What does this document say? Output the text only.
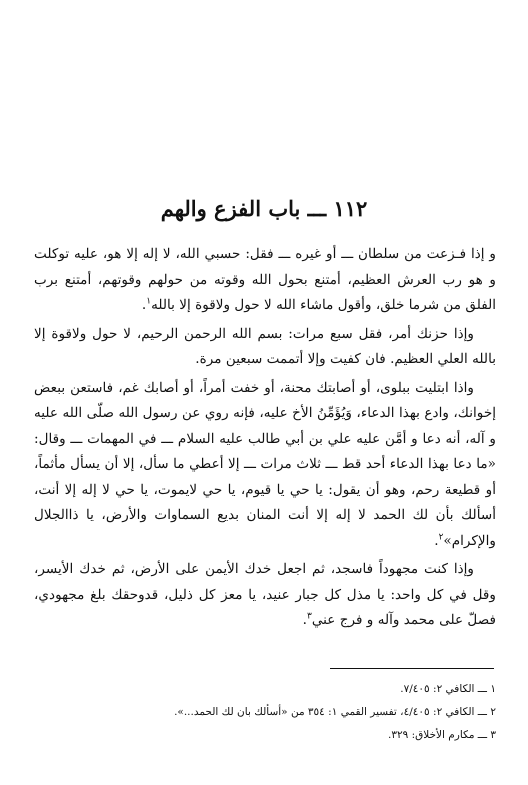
١١٢ ـــ باب الفزع والهم

و إذا فـزعت من سلطان ـــ أو غيره ـــ فقل: حسبي الله، لا إله إلا هو، عليه توكلت و هو رب العرش العظيم، أمتنع بحول الله وقوته من حولهم وقوتهم، أمتنع برب الفلق من شرما خلق، وأقول ماشاء الله لا حول ولاقوة إلا بالله$^١$.

وإذا حزنك أمر، فقل سبع مرات: بسم الله الرحمن الرحيم، لا حول ولاقوة إلا بالله العلي العظيم. فان كفيت وإلا أتممت سبعين مرة.

واذا ابتليت ببلوى، أو أصابتك محنة، أو خفت أمراً، أو أصابك غم، فاستعن ببعض إخوانك، وادع بهذا الدعاء، وَيُؤَمِّنُ الأخ عليه، فإنه روي عن رسول الله صلّى الله عليه و آله، أنه دعا و أمَّن عليه علي بن أبي طالب عليه السلام ـــ في المهمات ـــ وقال: «ما دعا بهذا الدعاء أحد قط ـــ ثلاث مرات ـــ إلا أعطي ما سأل، إلا أن يسأل مأثماً، أو قطيعة رحم، وهو أن يقول: يا حي يا قيوم، يا حي لايموت، يا حي لا إله إلا أنت، أسألك بأن لك الحمد لا إله إلا أنت المنان بديع السماوات والأرض، يا ذاالجلال والإكرام»$^٢$.

وإذا كنت مجهوداً فاسجد، ثم اجعل خدك الأيمن على الأرض، ثم خدك الأيسر، وقل في كل واحد: يا مذل كل جبار عنيد، يا معز كل ذليل، قدوحقك بلغ مجهودي، فصلّ على محمد وآله و فرج عني$^٣$.

١ ـــ الكافي ٢: ٧/٤٠٥.
٢ ـــ الكافي ٢: ٤/٤٠٥، تفسير القمي ١: ٣٥٤ من «أسألك بان لك الحمد...».
٣ ـــ مكارم الأخلاق: ٣٢٩.
